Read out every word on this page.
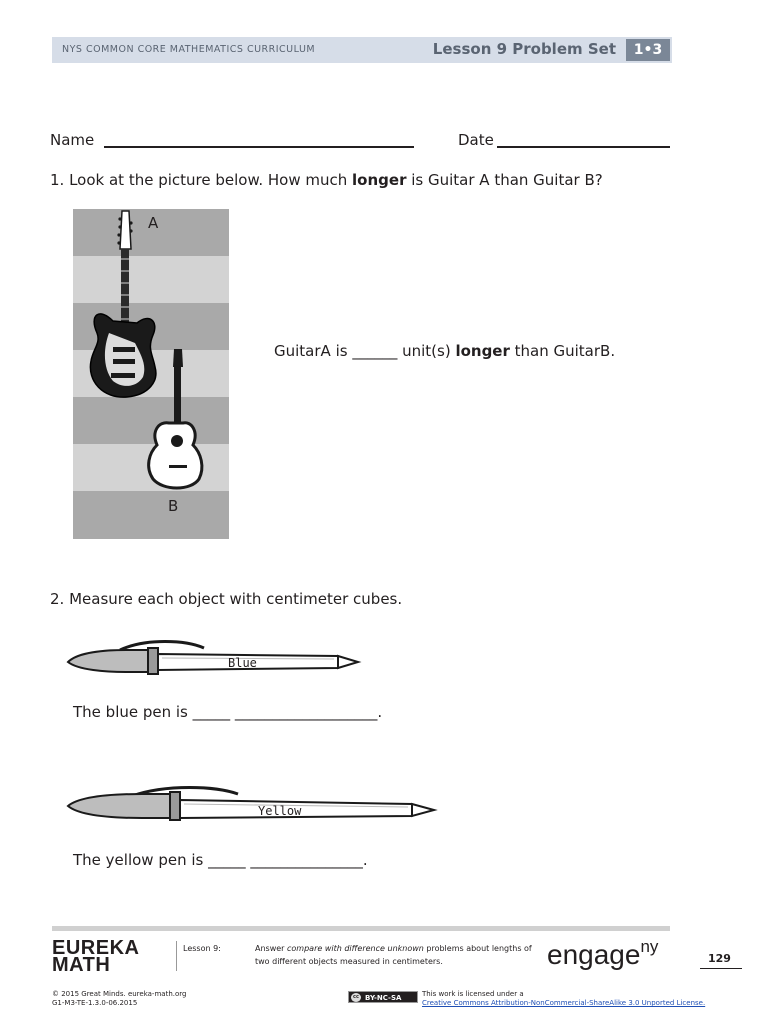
NYS COMMON CORE MATHEMATICS CURRICULUM	Lesson 9 Problem Set	1•3
Name	Date
1. Look at the picture below. How much longer is Guitar A than Guitar B?
A
B
GuitarA is ______ unit(s) longer than GuitarB.
2. Measure each object with centimeter cubes.
Blue
The blue pen is _____ ___________________.
Yellow
The yellow pen is _____ _______________.
EUREKA
MATH
Lesson 9:	Answer compare with difference unknown problems about lengths of
two different objects measured in centimeters.	engage$^{ny}$
129
© 2015 Great Minds. eureka-math.org
G1-M3-TE-1.3.0-06.2015
cc BY-NC-SA	This work is licensed under a
Creative Commons Attribution-NonCommercial-ShareAlike 3.0 Unported License.
